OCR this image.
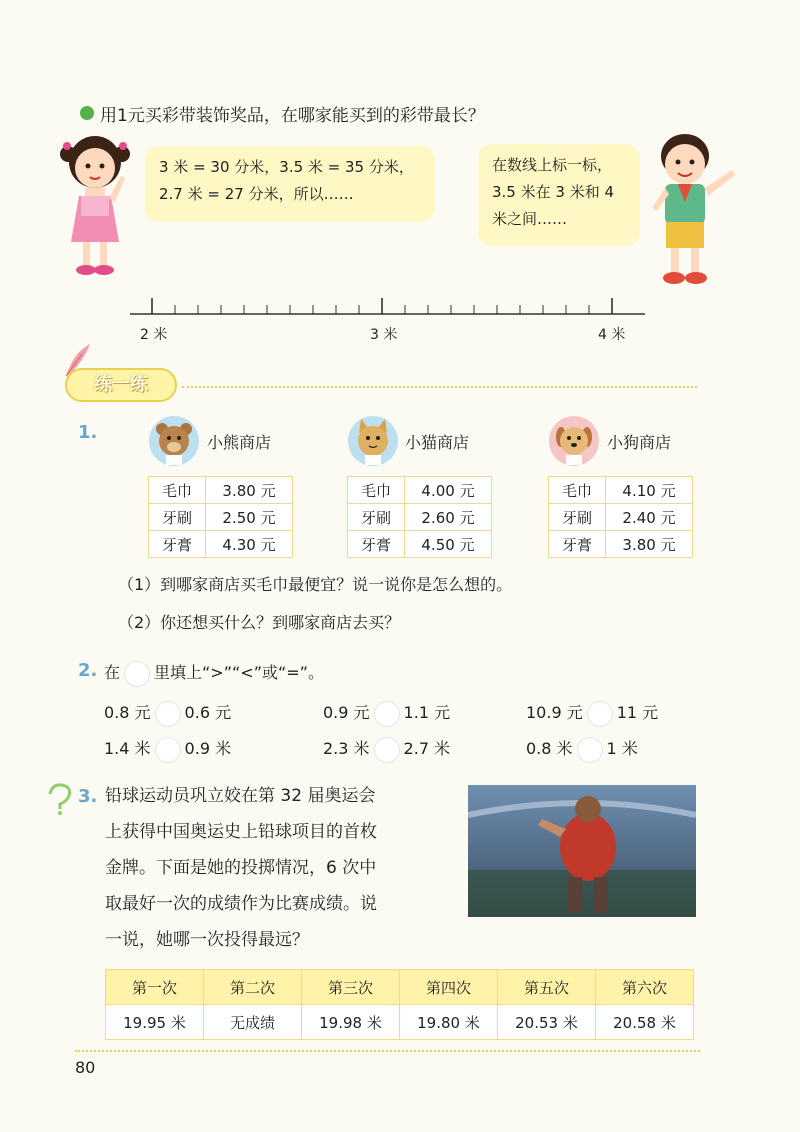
用1元买彩带装饰奖品，在哪家能买到的彩带最长？
3 米 = 30 分米，3.5 米 = 35 分米，
2.7 米 = 27 分米，所以……
在数线上标一标，
3.5 米在 3 米和 4
米之间……
2 米	3 米	4 米
练一练
1.	小熊商店
毛巾	3.80 元
牙刷	2.50 元
牙膏	4.30 元
小猫商店
毛巾	4.00 元
牙刷	2.60 元
牙膏	4.50 元
小狗商店
毛巾	4.10 元
牙刷	2.40 元
牙膏	3.80 元
（1）到哪家商店买毛巾最便宜？说一说你是怎么想的。
（2）你还想买什么？到哪家商店去买？
2. 在 里填上“>”“<”或“=”。
0.8 元 0.6 元	0.9 元 1.1 元	10.9 元 11 元
1.4 米 0.9 米	2.3 米 2.7 米	0.8 米 1 米
3. 铅球运动员巩立姣在第 32 届奥运会
上获得中国奥运史上铅球项目的首枚
金牌。下面是她的投掷情况，6 次中
取最好一次的成绩作为比赛成绩。说
一说，她哪一次投得最远？
第一次	第二次	第三次	第四次	第五次	第六次
19.95 米	无成绩	19.98 米	19.80 米	20.53 米	20.58 米
80
